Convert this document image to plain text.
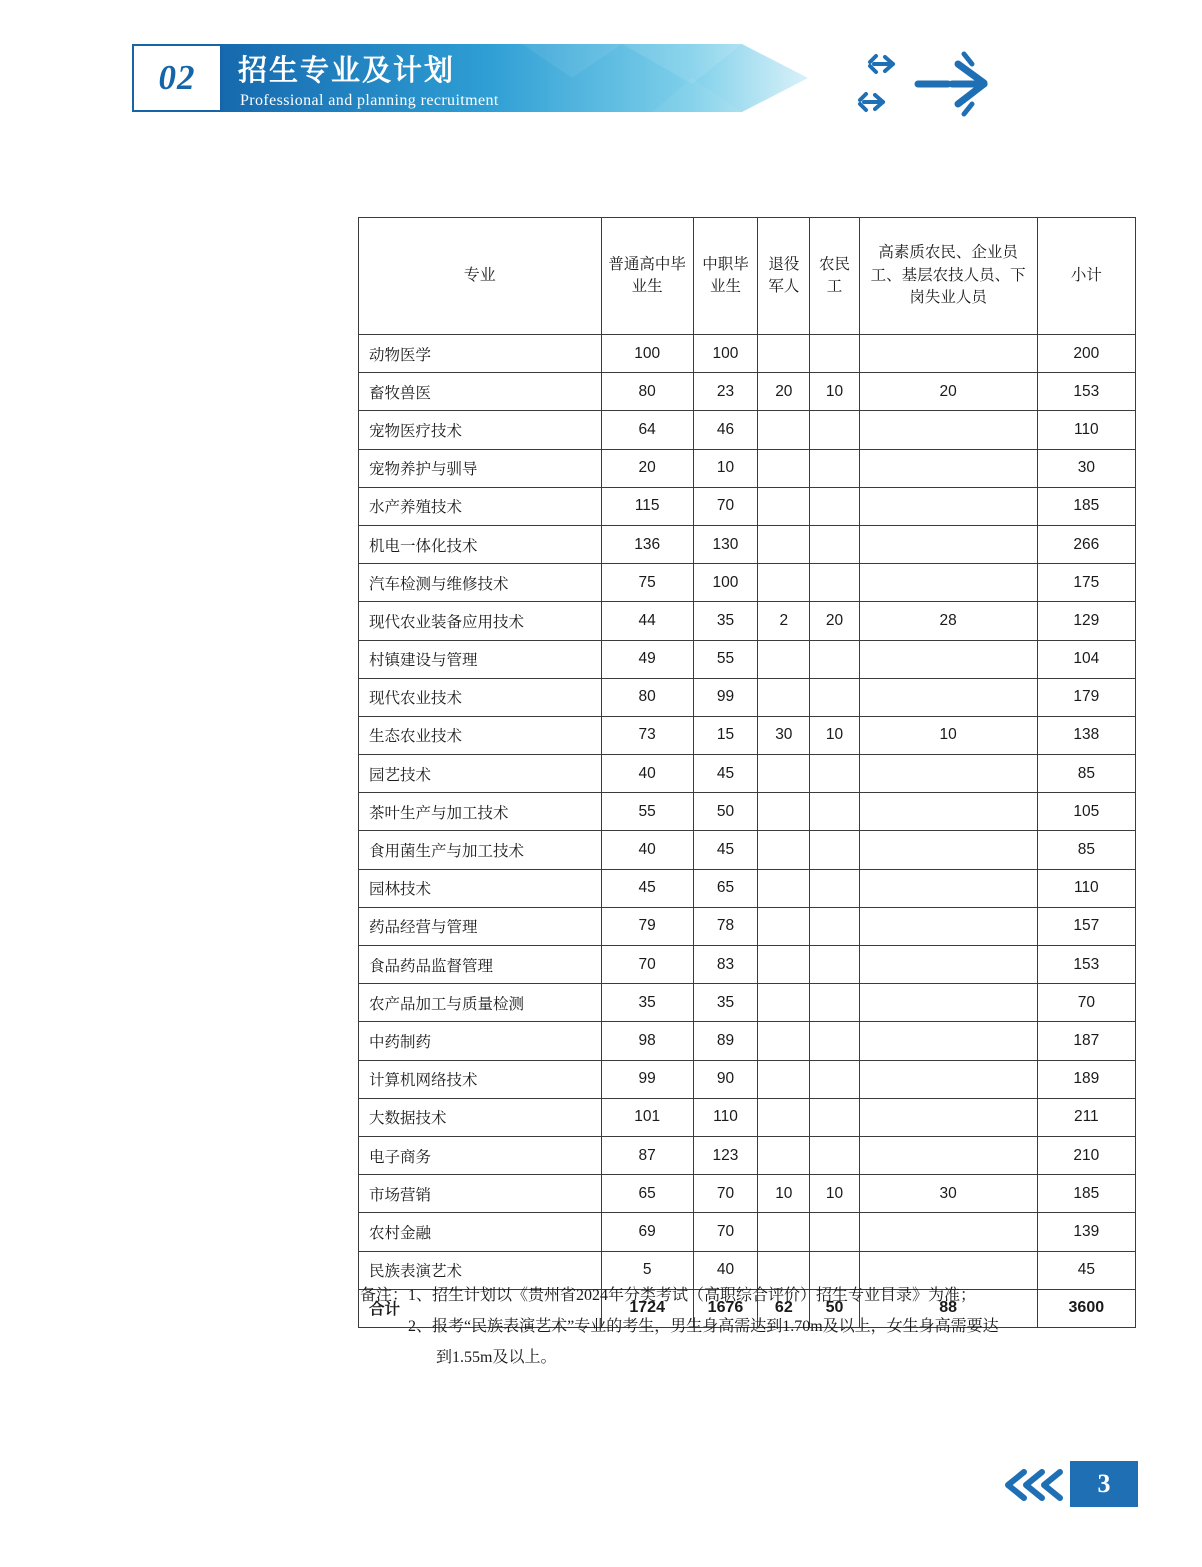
02 招生专业及计划
Professional and planning recruitment
专业	普通高中毕业生	中职毕业生	退役军人	农民工	高素质农民、企业员工、基层农技人员、下岗失业人员	小计
动物医学	100	100				200
畜牧兽医	80	23	20	10	20	153
宠物医疗技术	64	46				110
宠物养护与驯导	20	10				30
水产养殖技术	115	70				185
机电一体化技术	136	130				266
汽车检测与维修技术	75	100				175
现代农业装备应用技术	44	35	2	20	28	129
村镇建设与管理	49	55				104
现代农业技术	80	99				179
生态农业技术	73	15	30	10	10	138
园艺技术	40	45				85
茶叶生产与加工技术	55	50				105
食用菌生产与加工技术	40	45				85
园林技术	45	65				110
药品经营与管理	79	78				157
食品药品监督管理	70	83				153
农产品加工与质量检测	35	35				70
中药制药	98	89				187
计算机网络技术	99	90				189
大数据技术	101	110				211
电子商务	87	123				210
市场营销	65	70	10	10	30	185
农村金融	69	70				139
民族表演艺术	5	40				45
合计	1724	1676	62	50	88	3600
备注：1、招生计划以《贵州省2024年分类考试（高职综合评价）招生专业目录》为准；
2、报考“民族表演艺术”专业的考生，男生身高需达到1.70m及以上，女生身高需要达
到1.55m及以上。
3
